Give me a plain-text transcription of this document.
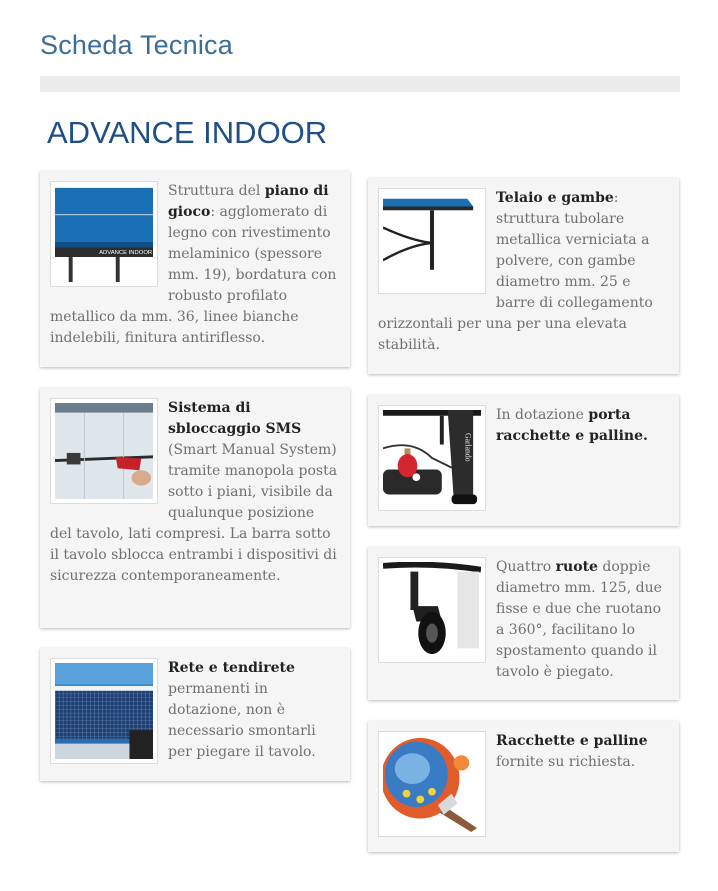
Scheda Tecnica
ADVANCE INDOOR
ADVANCE INDOOR
Struttura del piano di gioco: agglomerato di legno con rivestimento melaminico (spessore mm. 19), bordatura con robusto profilato metallico da mm. 36, linee bianche indelebili, finitura antiriflesso.
Telaio e gambe: struttura tubolare metallica verniciata a polvere, con gambe diametro mm. 25 e barre di collegamento orizzontali per una per una elevata stabilità.
Sistema di sbloccaggio SMS (Smart Manual System) tramite manopola posta sotto i piani, visibile da qualunque posizione del tavolo, lati compresi. La barra sotto il tavolo sblocca entrambi i dispositivi di sicurezza contemporaneamente.
Garlando
In dotazione porta racchette e palline.
Quattro ruote doppie diametro mm. 125, due fisse e due che ruotano a 360°, facilitano lo spostamento quando il tavolo è piegato.
Rete e tendirete permanenti in dotazione, non è necessario smontarli per piegare il tavolo.
Racchette e palline fornite su richiesta.
